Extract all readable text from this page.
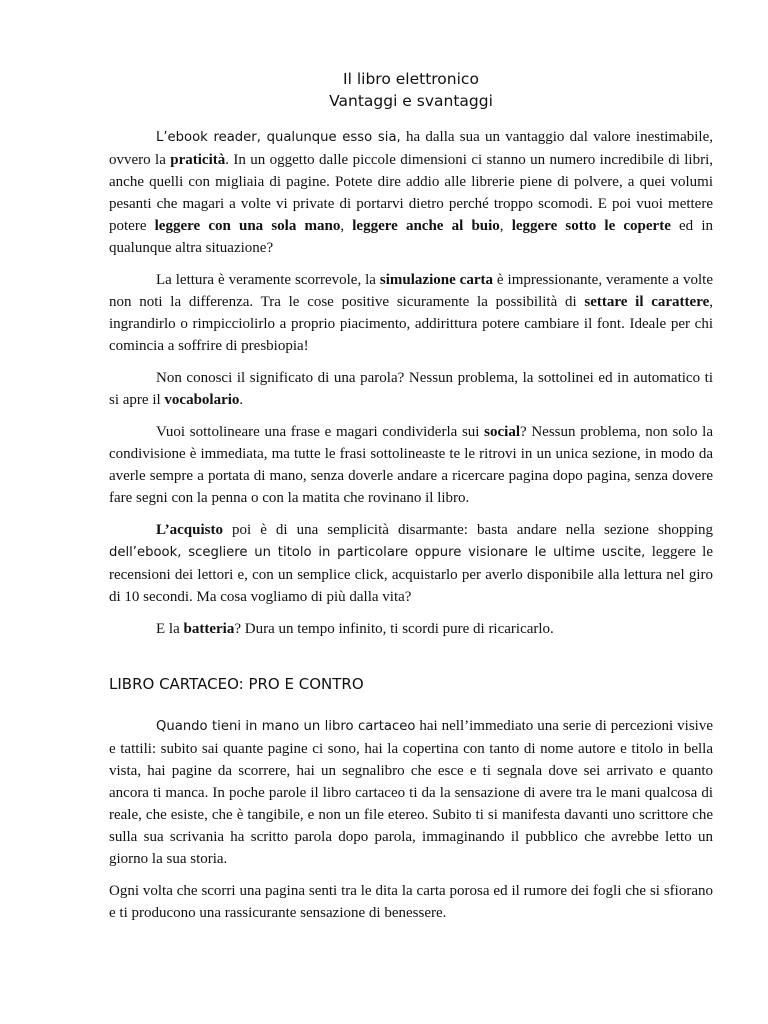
Il libro elettronico
Vantaggi e svantaggi

L’ebook reader, qualunque esso sia, ha dalla sua un vantaggio dal valore inestimabile, ovvero la praticità. In un oggetto dalle piccole dimensioni ci stanno un numero incredibile di libri, anche quelli con migliaia di pagine. Potete dire addio alle librerie piene di polvere, a quei volumi pesanti che magari a volte vi private di portarvi dietro perché troppo scomodi. E poi vuoi mettere potere leggere con una sola mano, leggere anche al buio, leggere sotto le coperte ed in qualunque altra situazione?

La lettura è veramente scorrevole, la simulazione carta è impressionante, veramente a volte non noti la differenza. Tra le cose positive sicuramente la possibilità di settare il carattere, ingrandirlo o rimpicciolirlo a proprio piacimento, addirittura potere cambiare il font. Ideale per chi comincia a soffrire di presbiopia!

Non conosci il significato di una parola? Nessun problema, la sottolinei ed in automatico ti si apre il vocabolario.

Vuoi sottolineare una frase e magari condividerla sui social? Nessun problema, non solo la condivisione è immediata, ma tutte le frasi sottolineaste te le ritrovi in un unica sezione, in modo da averle sempre a portata di mano, senza doverle andare a ricercare pagina dopo pagina, senza dovere fare segni con la penna o con la matita che rovinano il libro.

L’acquisto poi è di una semplicità disarmante: basta andare nella sezione shopping dell’ebook, scegliere un titolo in particolare oppure visionare le ultime uscite, leggere le recensioni dei lettori e, con un semplice click, acquistarlo per averlo disponibile alla lettura nel giro di 10 secondi. Ma cosa vogliamo di più dalla vita?

E la batteria? Dura un tempo infinito, ti scordi pure di ricaricarlo.

LIBRO CARTACEO: PRO E CONTRO

Quando tieni in mano un libro cartaceo hai nell’immediato una serie di percezioni visive e tattili: subito sai quante pagine ci sono, hai la copertina con tanto di nome autore e titolo in bella vista, hai pagine da scorrere, hai un segnalibro che esce e ti segnala dove sei arrivato e quanto ancora ti manca. In poche parole il libro cartaceo ti da la sensazione di avere tra le mani qualcosa di reale, che esiste, che è tangibile, e non un file etereo. Subito ti si manifesta davanti uno scrittore che sulla sua scrivania ha scritto parola dopo parola, immaginando il pubblico che avrebbe letto un giorno la sua storia.

Ogni volta che scorri una pagina senti tra le dita la carta porosa ed il rumore dei fogli che si sfiorano e ti producono una rassicurante sensazione di benessere.
